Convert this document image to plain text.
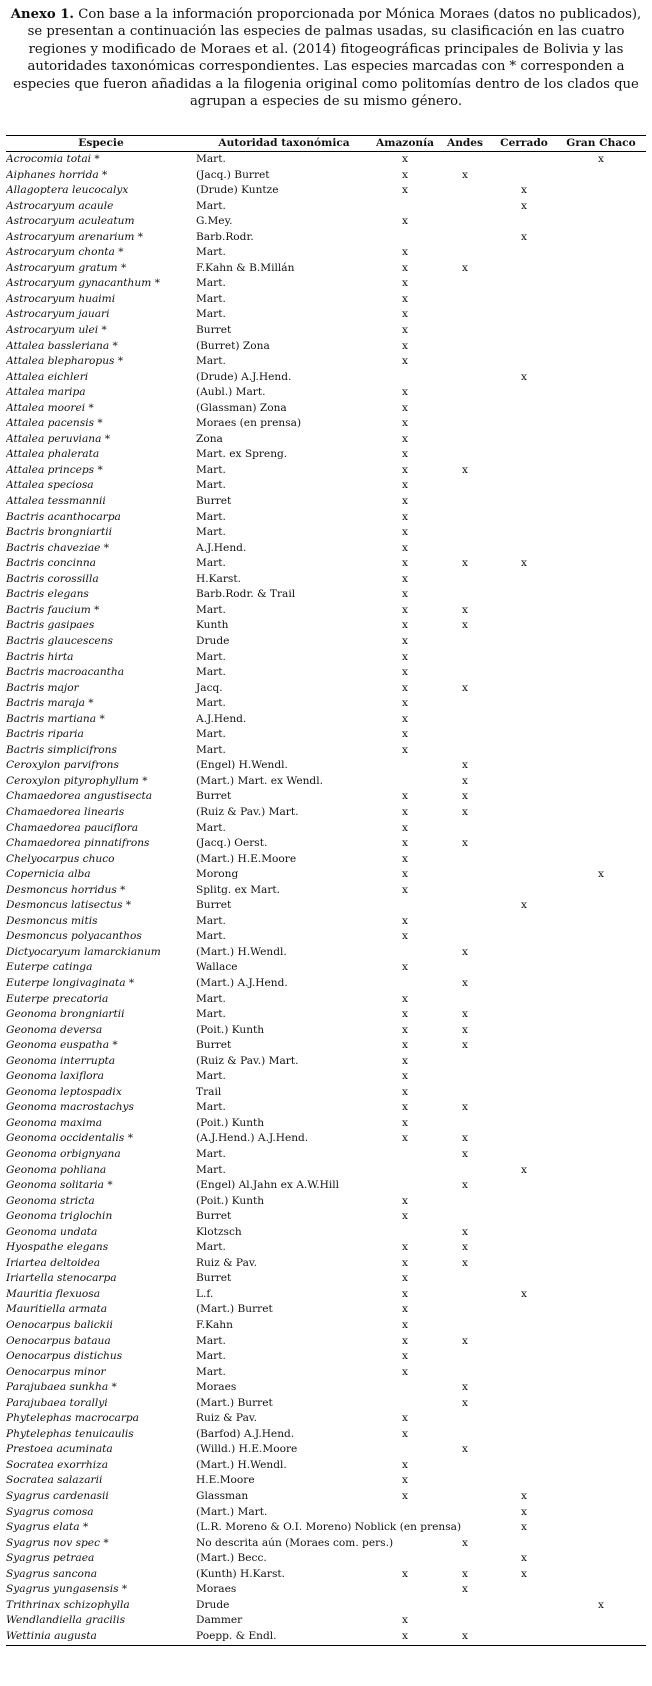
Anexo 1. Con base a la información proporcionada por Mónica Moraes (datos no publicados), se presentan a continuación las especies de palmas usadas, su clasificación en las cuatro regiones y modificado de Moraes et al. (2014) fitogeográficas principales de Bolivia y las autoridades taxonómicas correspondientes. Las especies marcadas con * corresponden a especies que fueron añadidas a la filogenia original como politomías dentro de los clados que agrupan a especies de su mismo género.
Especie	Autoridad taxonómica	Amazonía	Andes	Cerrado	Gran Chaco
Acrocomia totai *	Mart.	x			x
Aiphanes horrida *	(Jacq.) Burret	x	x		
Allagoptera leucocalyx	(Drude) Kuntze	x		x	
Astrocaryum acaule	Mart.			x	
Astrocaryum aculeatum	G.Mey.	x			
Astrocaryum arenarium *	Barb.Rodr.			x	
Astrocaryum chonta *	Mart.	x			
Astrocaryum gratum *	F.Kahn & B.Millán	x	x		
Astrocaryum gynacanthum *	Mart.	x			
Astrocaryum huaimi	Mart.	x			
Astrocaryum jauari	Mart.	x			
Astrocaryum ulei *	Burret	x			
Attalea bassleriana *	(Burret) Zona	x			
Attalea blepharopus *	Mart.	x			
Attalea eichleri	(Drude) A.J.Hend.			x	
Attalea maripa	(Aubl.) Mart.	x			
Attalea moorei *	(Glassman) Zona	x			
Attalea pacensis *	Moraes (en prensa)	x			
Attalea peruviana *	Zona	x			
Attalea phalerata	Mart. ex Spreng.	x			
Attalea princeps *	Mart.	x	x		
Attalea speciosa	Mart.	x			
Attalea tessmannii	Burret	x			
Bactris acanthocarpa	Mart.	x			
Bactris brongniartii	Mart.	x			
Bactris chaveziae *	A.J.Hend.	x			
Bactris concinna	Mart.	x	x	x	
Bactris corossilla	H.Karst.	x			
Bactris elegans	Barb.Rodr. & Trail	x			
Bactris faucium *	Mart.	x	x		
Bactris gasipaes	Kunth	x	x		
Bactris glaucescens	Drude	x			
Bactris hirta	Mart.	x			
Bactris macroacantha	Mart.	x			
Bactris major	Jacq.	x	x		
Bactris maraja *	Mart.	x			
Bactris martiana *	A.J.Hend.	x			
Bactris riparia	Mart.	x			
Bactris simplicifrons	Mart.	x			
Ceroxylon parvifrons	(Engel) H.Wendl.		x		
Ceroxylon pityrophyllum *	(Mart.) Mart. ex Wendl.		x		
Chamaedorea angustisecta	Burret	x	x		
Chamaedorea linearis	(Ruiz & Pav.) Mart.	x	x		
Chamaedorea pauciflora	Mart.	x			
Chamaedorea pinnatifrons	(Jacq.) Oerst.	x	x		
Chelyocarpus chuco	(Mart.) H.E.Moore	x			
Copernicia alba	Morong	x			x
Desmoncus horridus *	Splitg. ex Mart.	x			
Desmoncus latisectus *	Burret			x	
Desmoncus mitis	Mart.	x			
Desmoncus polyacanthos	Mart.	x			
Dictyocaryum lamarckianum	(Mart.) H.Wendl.		x		
Euterpe catinga	Wallace	x			
Euterpe longivaginata *	(Mart.) A.J.Hend.		x		
Euterpe precatoria	Mart.	x			
Geonoma brongniartii	Mart.	x	x		
Geonoma deversa	(Poit.) Kunth	x	x		
Geonoma euspatha *	Burret	x	x		
Geonoma interrupta	(Ruiz & Pav.) Mart.	x			
Geonoma laxiflora	Mart.	x			
Geonoma leptospadix	Trail	x			
Geonoma macrostachys	Mart.	x	x		
Geonoma maxima	(Poit.) Kunth	x			
Geonoma occidentalis *	(A.J.Hend.) A.J.Hend.	x	x		
Geonoma orbignyana	Mart.		x		
Geonoma pohliana	Mart.			x	
Geonoma solitaria *	(Engel) Al.Jahn ex A.W.Hill		x		
Geonoma stricta	(Poit.) Kunth	x			
Geonoma triglochin	Burret	x			
Geonoma undata	Klotzsch		x		
Hyospathe elegans	Mart.	x	x		
Iriartea deltoidea	Ruiz & Pav.	x	x		
Iriartella stenocarpa	Burret	x			
Mauritia flexuosa	L.f.	x		x	
Mauritiella armata	(Mart.) Burret	x			
Oenocarpus balickii	F.Kahn	x			
Oenocarpus bataua	Mart.	x	x		
Oenocarpus distichus	Mart.	x			
Oenocarpus minor	Mart.	x			
Parajubaea sunkha *	Moraes		x		
Parajubaea torallyi	(Mart.) Burret		x		
Phytelephas macrocarpa	Ruiz & Pav.	x			
Phytelephas tenuicaulis	(Barfod) A.J.Hend.	x			
Prestoea acuminata	(Willd.) H.E.Moore		x		
Socratea exorrhiza	(Mart.) H.Wendl.	x			
Socratea salazarii	H.E.Moore	x			
Syagrus cardenasii	Glassman	x		x	
Syagrus comosa	(Mart.) Mart.			x	
Syagrus elata *	(L.R. Moreno & O.I. Moreno) Noblick (en prensa)			x	
Syagrus nov spec *	No descrita aún (Moraes com. pers.)		x		
Syagrus petraea	(Mart.) Becc.			x	
Syagrus sancona	(Kunth) H.Karst.	x	x	x	
Syagrus yungasensis *	Moraes		x		
Trithrinax schizophylla	Drude				x
Wendlandiella gracilis	Dammer	x			
Wettinia augusta	Poepp. & Endl.	x	x		
